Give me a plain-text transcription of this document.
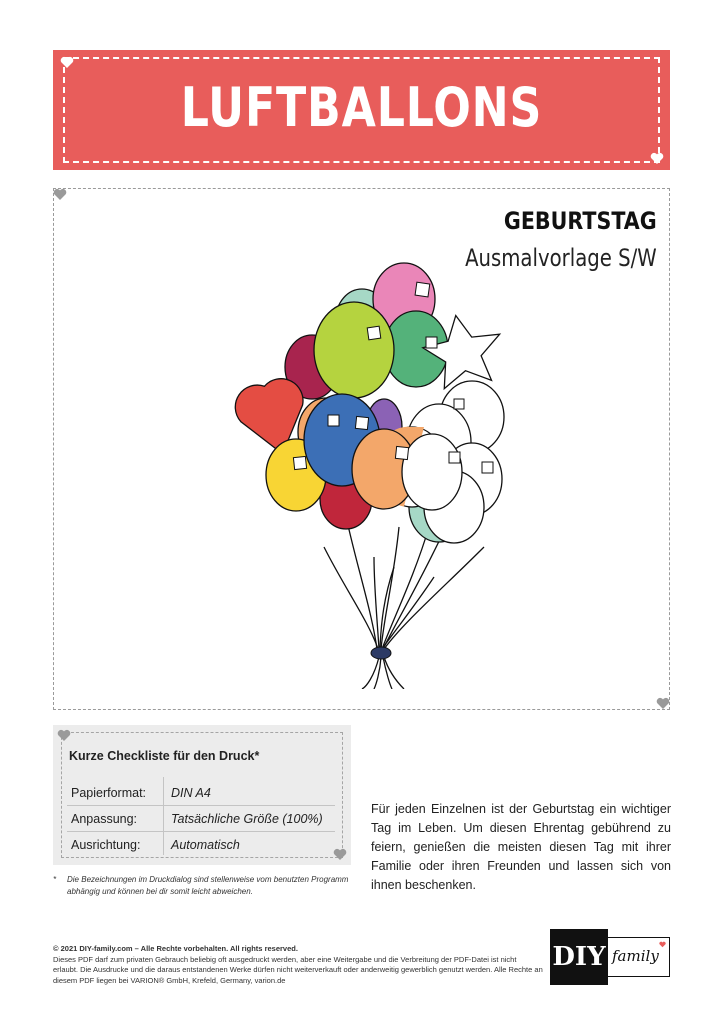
LUFTBALLONS
GEBURTSTAG
Ausmalvorlage S/W
Kurze Checkliste für den Druck*
Papierformat: DIN A4
Anpassung:	Tatsächliche Größe (100%)
Ausrichtung: Automatisch
*	Die Bezeichnungen im Druckdialog sind stellenweise vom benutzten Programm abhängig und können bei dir somit leicht abweichen.
Für jeden Einzelnen ist der Geburtstag ein wichtiger Tag im Leben. Um diesen Ehrentag gebührend zu feiern, genießen die meisten diesen Tag mit ihrer Familie oder ihren Freunden und lassen sich von ihnen beschenken.
© 2021 DIY-family.com – Alle Rechte vorbehalten. All rights reserved.
Dieses PDF darf zum privaten Gebrauch beliebig oft ausgedruckt werden, aber eine Weitergabe und die Verbreitung der PDF-Datei ist nicht erlaubt. Die Ausdrucke und die daraus entstandenen Werke dürfen nicht weiterverkauft oder anderweitig gewerblich genutzt werden. Alle Rechte an diesem PDF liegen bei VARION® GmbH, Krefeld, Germany, varion.de
DIY family
